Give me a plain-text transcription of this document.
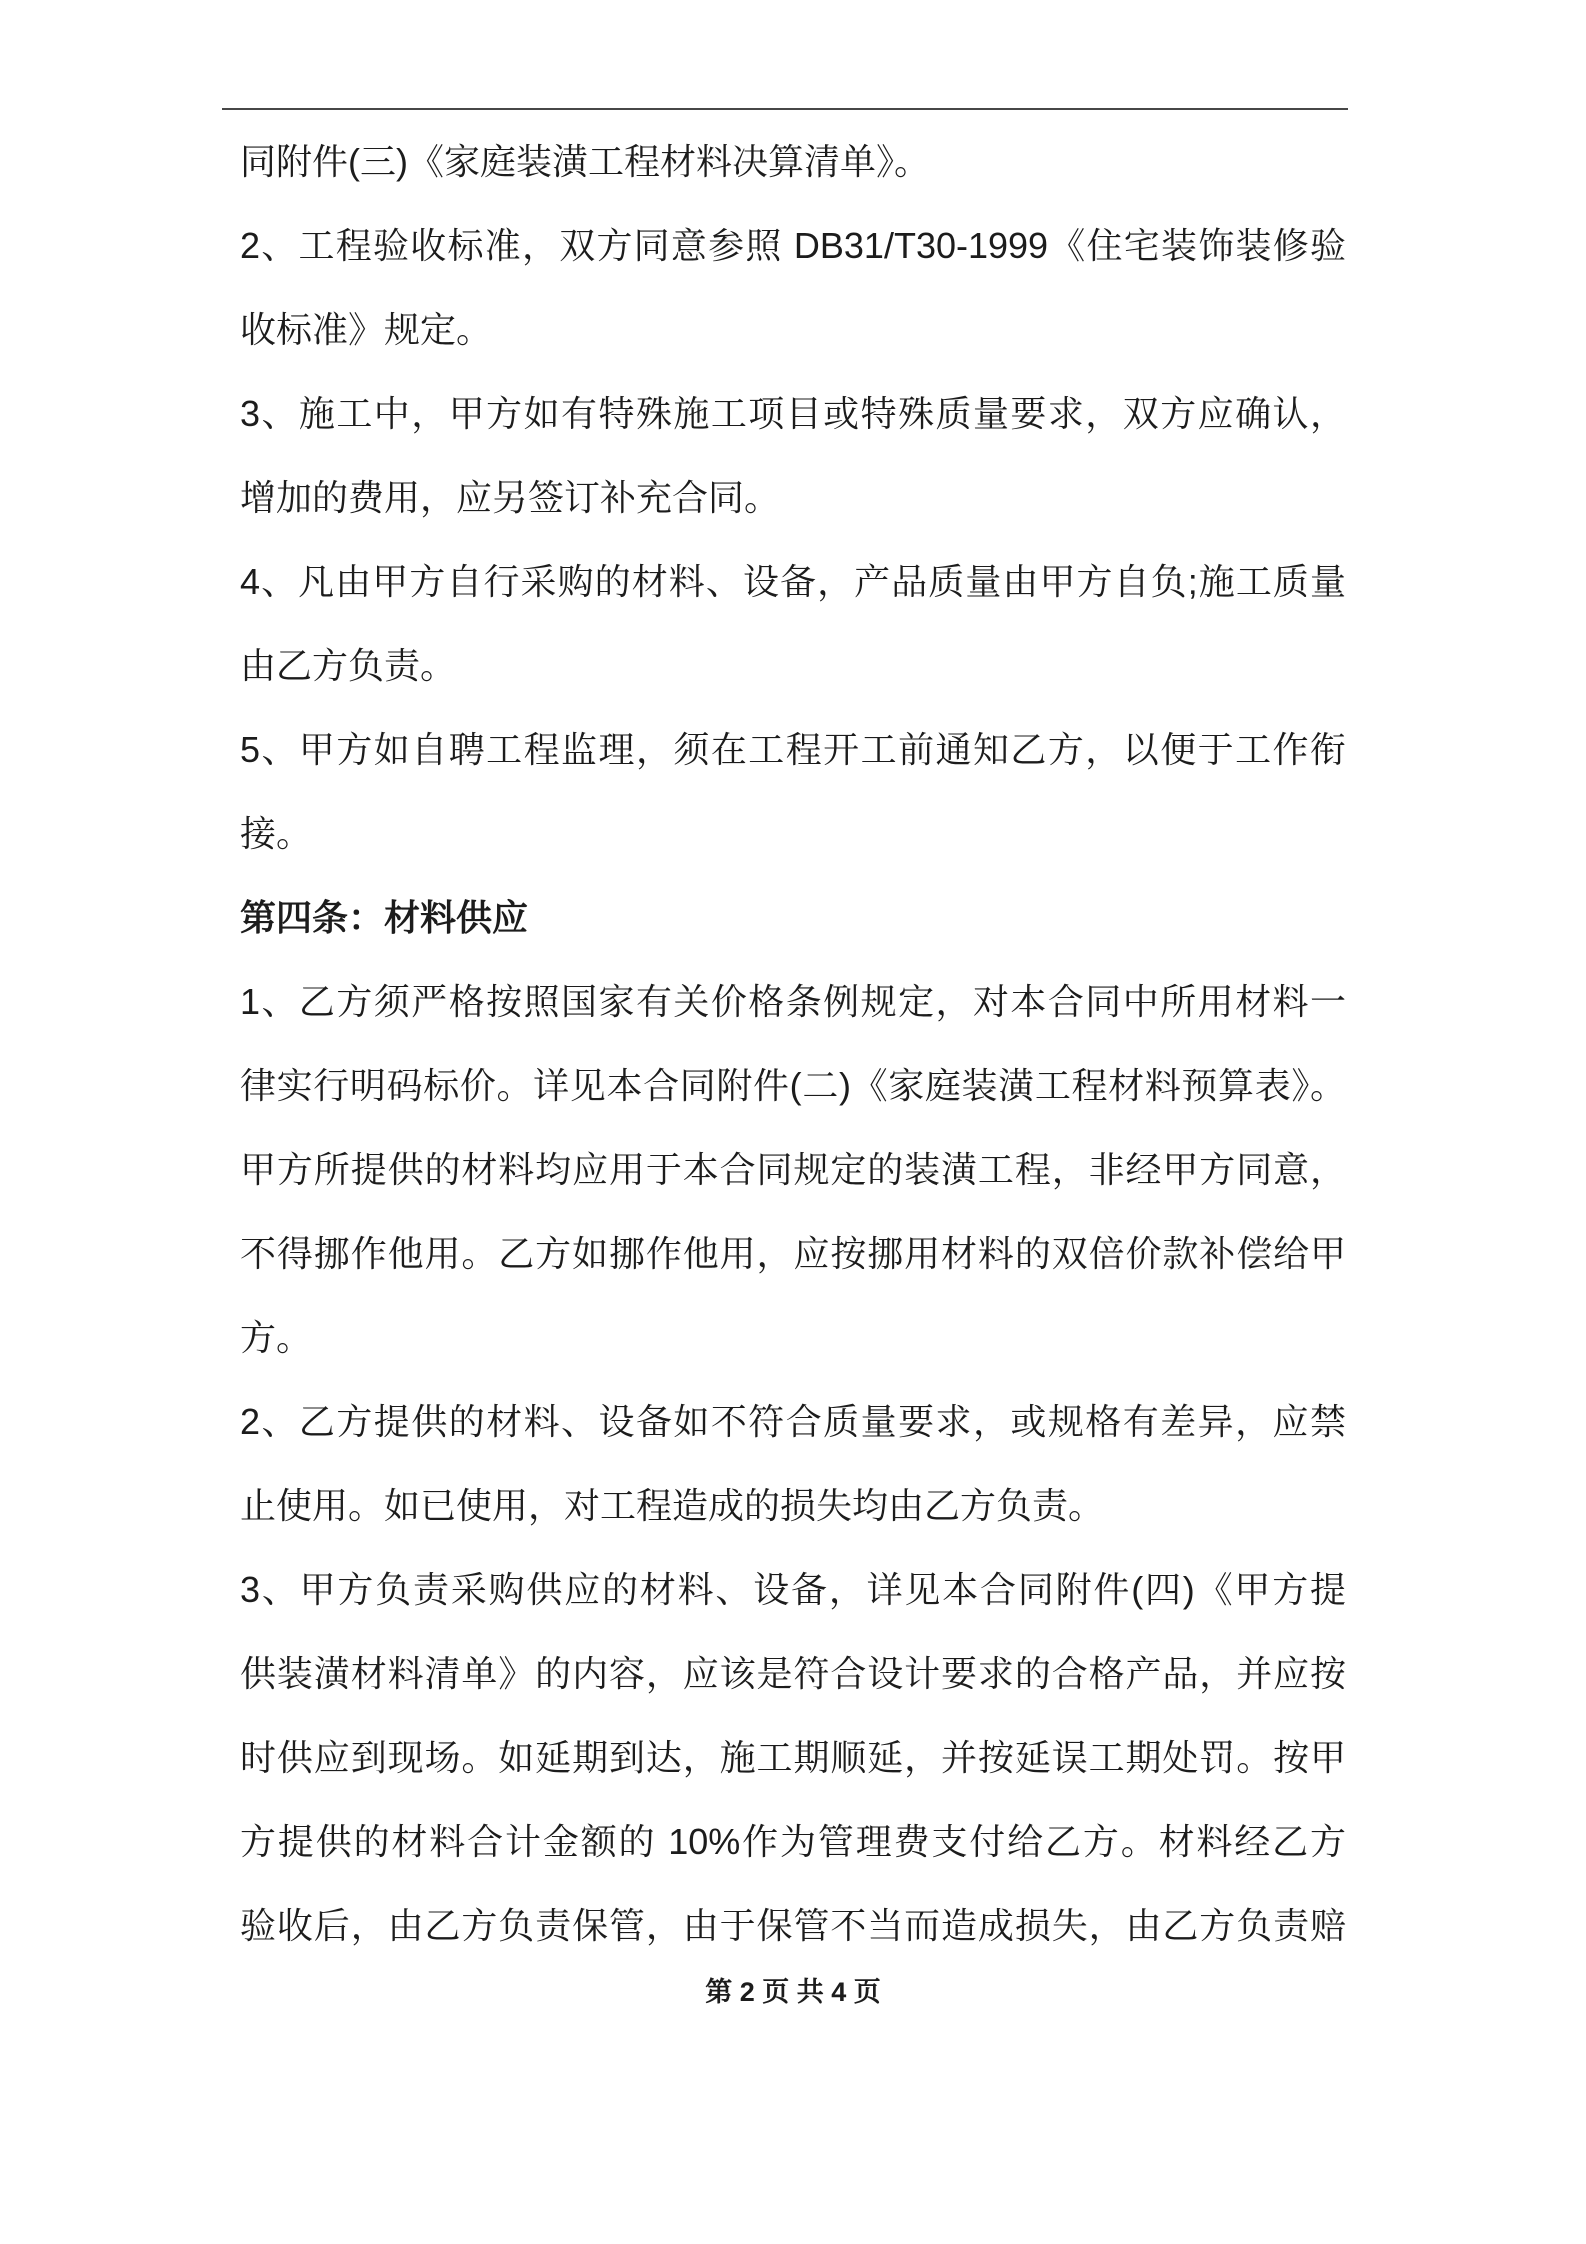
同附件(三)《家庭装潢工程材料决算清单》。
2、工程验收标准，双方同意参照 DB31/T30-1999《住宅装饰装修验
收标准》规定。
3、施工中，甲方如有特殊施工项目或特殊质量要求，双方应确认，
增加的费用，应另签订补充合同。
4、凡由甲方自行采购的材料、设备，产品质量由甲方自负;施工质量
由乙方负责。
5、甲方如自聘工程监理，须在工程开工前通知乙方，以便于工作衔
接。
第四条：材料供应
1、乙方须严格按照国家有关价格条例规定，对本合同中所用材料一
律实行明码标价。详见本合同附件(二)《家庭装潢工程材料预算表》。
甲方所提供的材料均应用于本合同规定的装潢工程，非经甲方同意，
不得挪作他用。乙方如挪作他用，应按挪用材料的双倍价款补偿给甲
方。
2、乙方提供的材料、设备如不符合质量要求，或规格有差异，应禁
止使用。如已使用，对工程造成的损失均由乙方负责。
3、甲方负责采购供应的材料、设备，详见本合同附件(四)《甲方提
供装潢材料清单》的内容，应该是符合设计要求的合格产品，并应按
时供应到现场。如延期到达，施工期顺延，并按延误工期处罚。按甲
方提供的材料合计金额的 10%作为管理费支付给乙方。材料经乙方
验收后，由乙方负责保管，由于保管不当而造成损失，由乙方负责赔
第 2 页 共 4 页
